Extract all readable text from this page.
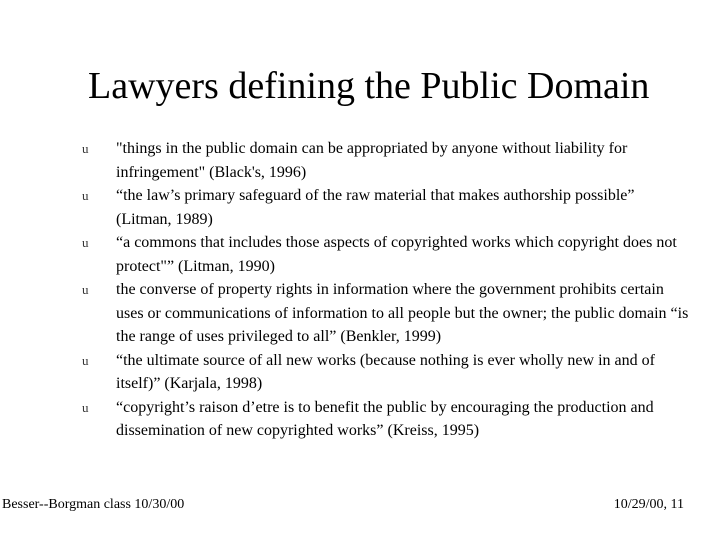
Lawyers defining the Public Domain
u	"things in the public domain can be appropriated by anyone without liability for infringement" (Black's, 1996)
u	“the law’s primary safeguard of the raw material that makes authorship possible” (Litman, 1989)
u	“a commons that includes those aspects of copyrighted works which copyright does not protect"” (Litman, 1990)
u	the converse of property rights in information where the government prohibits certain uses or communications of information to all people but the owner; the public domain “is the range of uses privileged to all” (Benkler, 1999)
u	“the ultimate source of all new works (because nothing is ever wholly new in and of itself)” (Karjala, 1998)
u	“copyright’s raison d’etre is to benefit the public by encouraging the production and dissemination of new copyrighted works” (Kreiss, 1995)
Besser--Borgman class 10/30/00	10/29/00, 11
